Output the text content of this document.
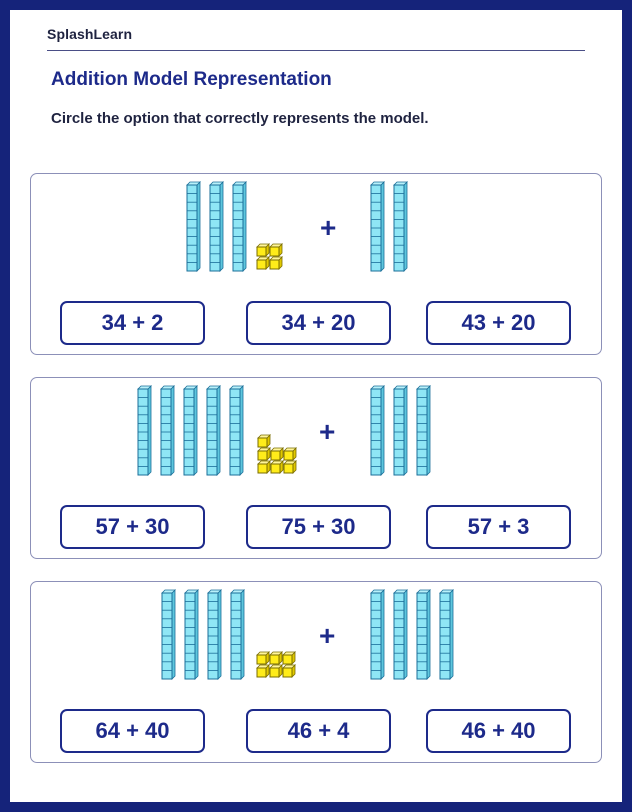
SplashLearn
Addition Model Representation
Circle the option that correctly represents the model.
+
34 + 2	34 + 20	43 + 20
+
57 + 30	75 + 30	57 + 3
+
64 + 40	46 + 4	46 + 40
